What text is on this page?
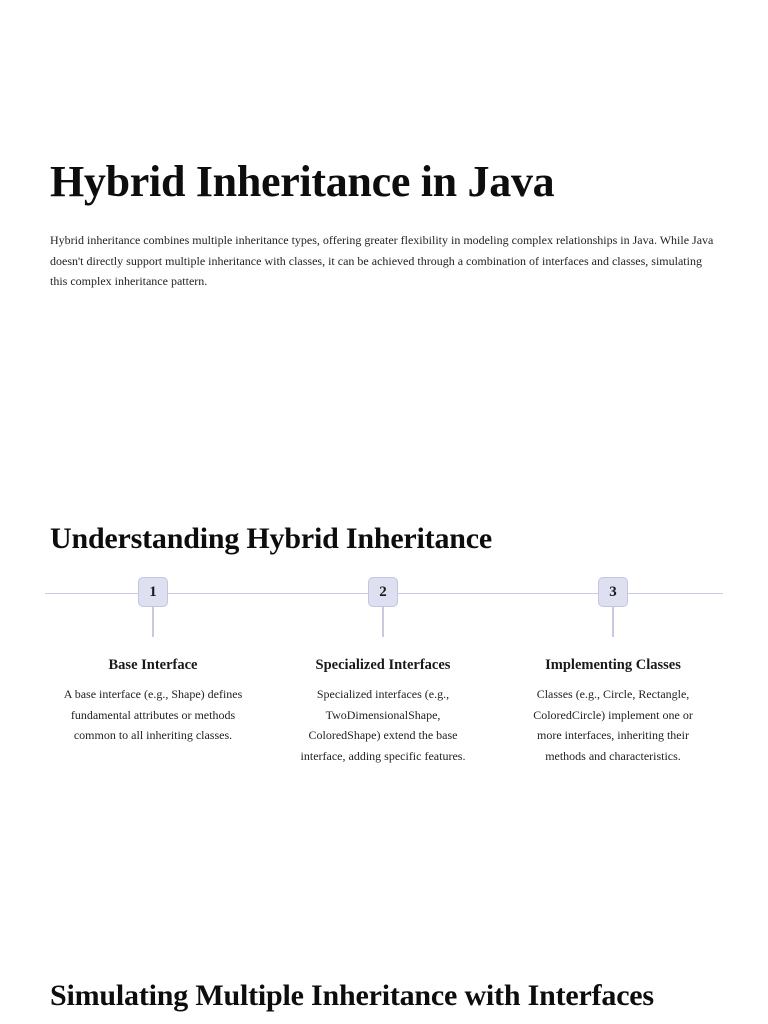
Hybrid Inheritance in Java

Hybrid inheritance combines multiple inheritance types, offering greater flexibility in modeling complex relationships in Java. While Java doesn't directly support multiple inheritance with classes, it can be achieved through a combination of interfaces and classes, simulating this complex inheritance pattern.

Understanding Hybrid Inheritance
1
Base Interface
A base interface (e.g., Shape) defines fundamental attributes or methods common to all inheriting classes.
2
Specialized Interfaces
Specialized interfaces (e.g., TwoDimensionalShape, ColoredShape) extend the base interface, adding specific features.
3
Implementing Classes
Classes (e.g., Circle, Rectangle, ColoredCircle) implement one or more interfaces, inheriting their methods and characteristics.
Simulating Multiple Inheritance with Interfaces
